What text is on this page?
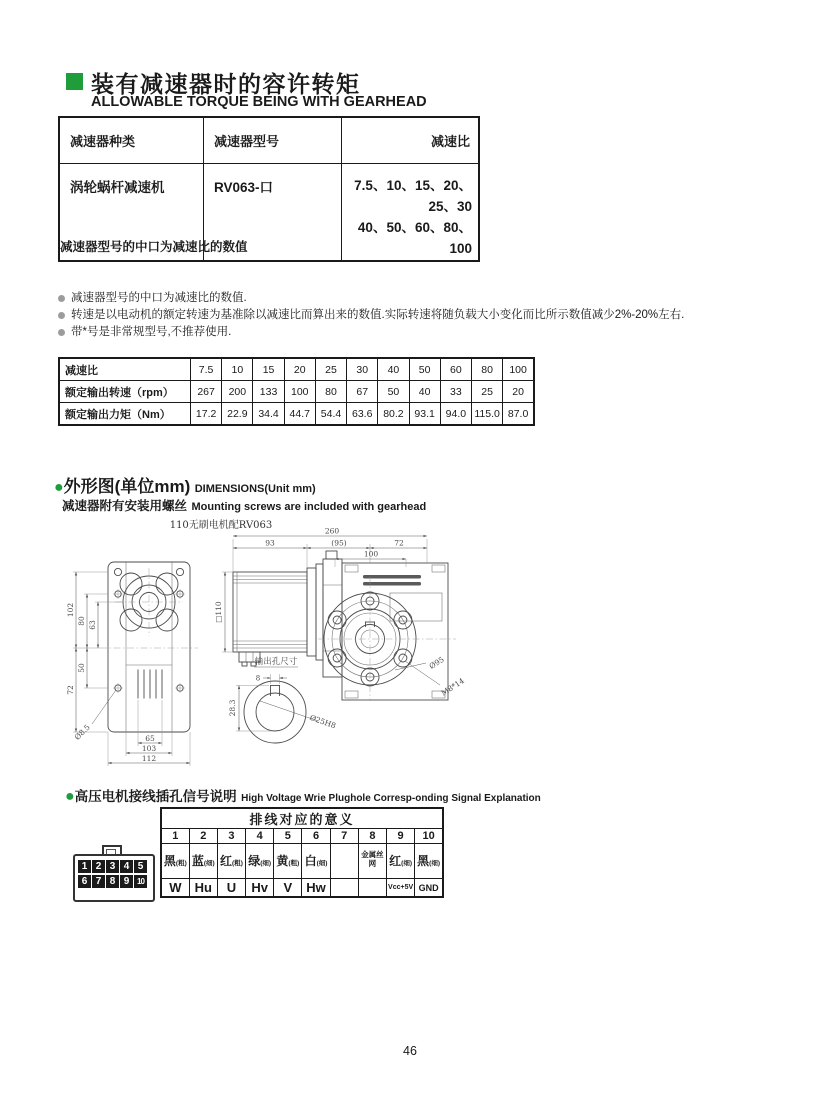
装有减速器时的容许转矩
ALLOWABLE TORQUE BEING WITH GEARHEAD
减速器种类	减速器型号	减速比
涡轮蜗杆减速机	RV063-口	7.5、10、15、20、25、30
40、50、60、80、100
减速器型号的中口为减速比的数值
减速器型号的中口为减速比的数值.
转速是以电动机的额定转速为基准除以减速比而算出来的数值.实际转速将随负载大小变化而比所示数值减少2%-20%左右.
带*号是非常规型号,不推荐使用.
减速比	7.5	10	15	20	25	30	40	50	60	80	100
额定输出转速（rpm）	267	200	133	100	80	67	50	40	33	25	20
额定输出力矩（Nm）	17.2	22.9	34.4	44.7	54.4	63.6	80.2	93.1	94.0	115.0	87.0
●外形图(单位mm) DIMENSIONS(Unit mm)
减速器附有安装用螺丝 Mounting screws are included with gearhead
110无刷电机配RV063
102
80 63
72
50
65
103
112
Ø8.5
Ø95
M8*14
260
93	(95)	72
100
□110
输出孔尺寸
8
28.3
Ø25H8
●高压电机接线插孔信号说明 High Voltage Wrie Plughole Corresp-onding Signal Explanation
1 2 3 4 5
6 7 8 9 10
排线对应的意义									
1	2	3	4	5	6	7	8	9	10
黑(粗)	蓝(细)	红(粗)	绿(细)	黄(粗)	白(细)		金属丝网	红(细)	黑(细)
W	Hu	U	Hv	V	Hw			Vcc+5V	GND
46
